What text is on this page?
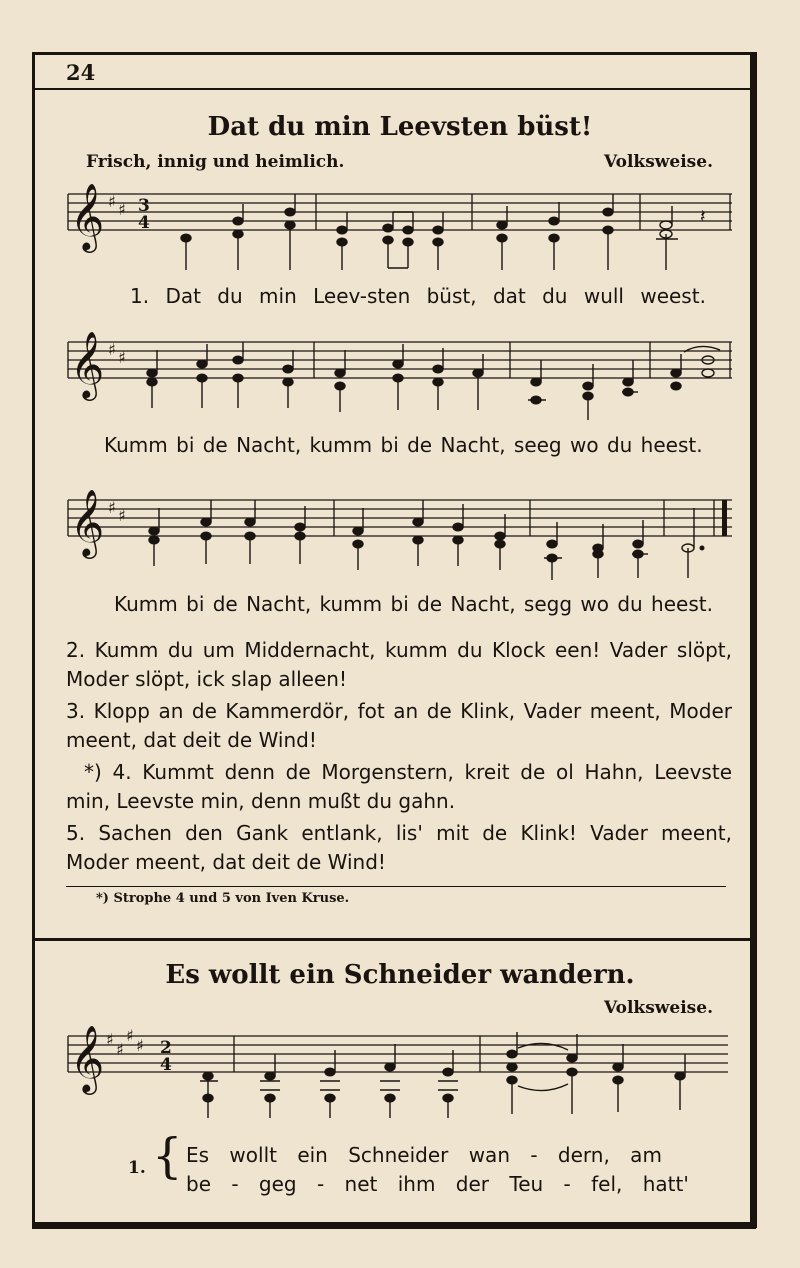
24
Dat du min Leevsten büst!
Frisch, innig und heimlich.	Volksweise.
𝄞 ♯ ♯ 3
4	𝄽
1. Dat du min Leev-sten büst, dat du wull weest.
𝄞 ♯ ♯
Kumm bi de Nacht, kumm bi de Nacht, seeg wo du heest.
𝄞 ♯ ♯
Kumm bi de Nacht, kumm bi de Nacht, segg wo du heest.

2. Kumm du um Middernacht, kumm du Klock een! Vader slöpt, Moder slöpt, ick slap alleen!

3. Klopp an de Kammerdör, fot an de Klink, Vader meent, Moder meent, dat deit de Wind!

*) 4. Kummt denn de Morgenstern, kreit de ol Hahn, Leevste min, Leevste min, denn mußt du gahn.

5. Sachen den Gank entlank, lis' mit de Klink! Vader meent, Moder meent, dat deit de Wind!

*) Strophe 4 und 5 von Iven Kruse.
Es wollt ein Schneider wandern.
Volksweise.
𝄞 ♯
♯
♯
♯ 2
4
1. { Es wollt ein Schneider wan - dern, am
be - geg - net ihm der Teu - fel, hatt'
